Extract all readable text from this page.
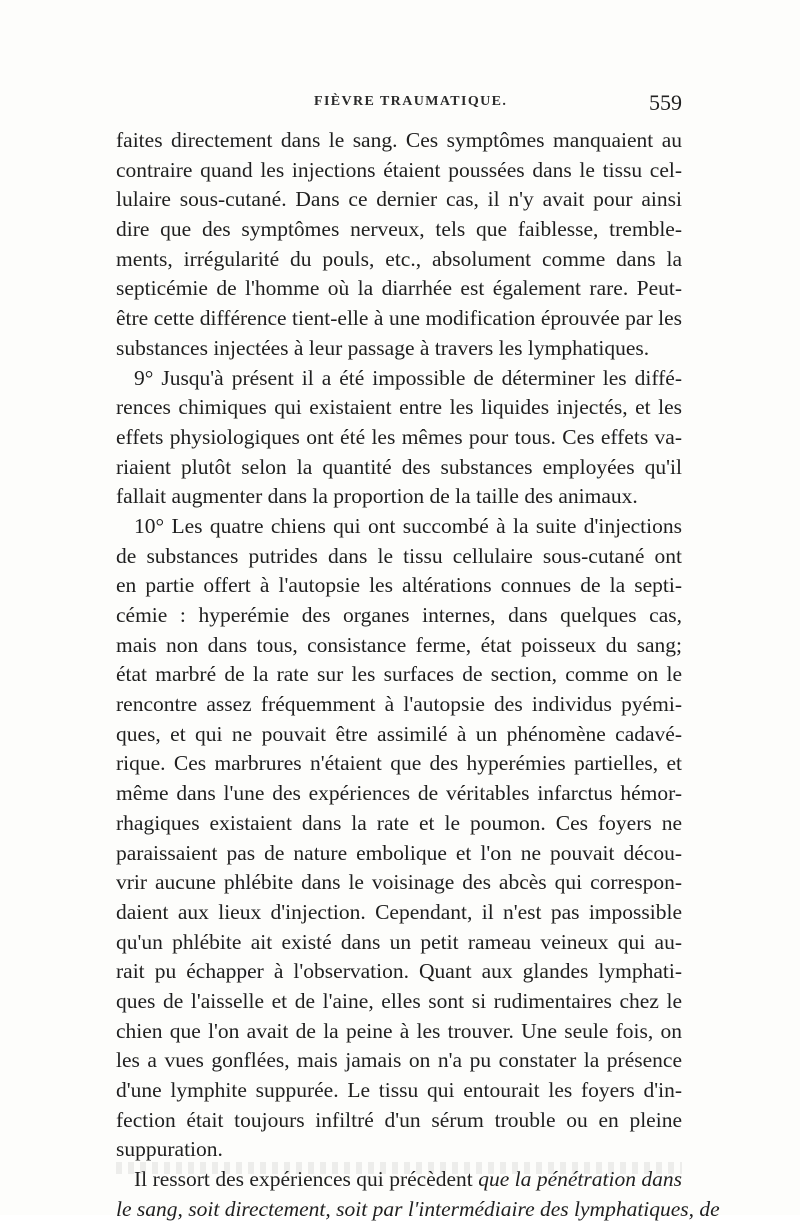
FIÈVRE TRAUMATIQUE.	559
faites directement dans le sang. Ces symptômes manquaient au
contraire quand les injections étaient poussées dans le tissu cel-
lulaire sous-cutané. Dans ce dernier cas, il n'y avait pour ainsi
dire que des symptômes nerveux, tels que faiblesse, tremble-
ments, irrégularité du pouls, etc., absolument comme dans la
septicémie de l'homme où la diarrhée est également rare. Peut-
être cette différence tient-elle à une modification éprouvée par les
substances injectées à leur passage à travers les lymphatiques.
9° Jusqu'à présent il a été impossible de déterminer les diffé-
rences chimiques qui existaient entre les liquides injectés, et les
effets physiologiques ont été les mêmes pour tous. Ces effets va-
riaient plutôt selon la quantité des substances employées qu'il
fallait augmenter dans la proportion de la taille des animaux.
10° Les quatre chiens qui ont succombé à la suite d'injections
de substances putrides dans le tissu cellulaire sous-cutané ont
en partie offert à l'autopsie les altérations connues de la septi-
cémie : hyperémie des organes internes, dans quelques cas,
mais non dans tous, consistance ferme, état poisseux du sang;
état marbré de la rate sur les surfaces de section, comme on le
rencontre assez fréquemment à l'autopsie des individus pyémi-
ques, et qui ne pouvait être assimilé à un phénomène cadavé-
rique. Ces marbrures n'étaient que des hyperémies partielles, et
même dans l'une des expériences de véritables infarctus hémor-
rhagiques existaient dans la rate et le poumon. Ces foyers ne
paraissaient pas de nature embolique et l'on ne pouvait décou-
vrir aucune phlébite dans le voisinage des abcès qui correspon-
daient aux lieux d'injection. Cependant, il n'est pas impossible
qu'un phlébite ait existé dans un petit rameau veineux qui au-
rait pu échapper à l'observation. Quant aux glandes lymphati-
ques de l'aisselle et de l'aine, elles sont si rudimentaires chez le
chien que l'on avait de la peine à les trouver. Une seule fois, on
les a vues gonflées, mais jamais on n'a pu constater la présence
d'une lymphite suppurée. Le tissu qui entourait les foyers d'in-
fection était toujours infiltré d'un sérum trouble ou en pleine
suppuration.
Il ressort des expériences qui précèdent que la pénétration dans
le sang, soit directement, soit par l'intermédiaire des lymphatiques, de
